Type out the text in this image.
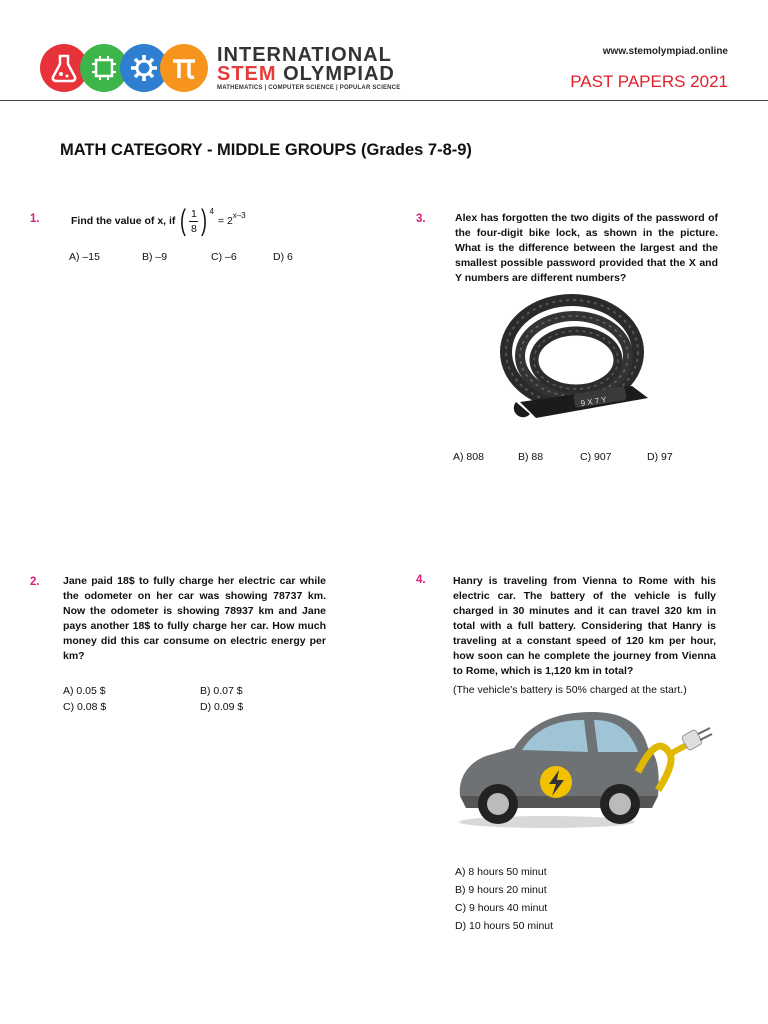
INTERNATIONAL
STEM OLYMPIAD
MATHEMATICS | COMPUTER SCIENCE | POPULAR SCIENCE
www.stemolympiad.online
PAST PAPERS 2021
MATH CATEGORY - MIDDLE GROUPS (Grades 7-8-9)
1.	Find the value of x, if ( $\frac{1}{8}$ ) 4
= 2 x–3
A) –15	B) –9	C) –6	D) 6
2. Jane paid 18$ to fully charge her electric car while the odometer on her car was showing 78737 km. Now the odometer is showing 78937 km and Jane pays another 18$ to fully charge her car. How much money did this car consume on electric energy per km?
A) 0.05 $	B) 0.07 $
C) 0.08 $	D) 0.09 $
3.	Alex has forgotten the two digits of the password of the four-digit bike lock, as shown in the picture. What is the difference between the largest and the smallest possible password provided that the X and Y numbers are different numbers?
9 X 7 Y
A) 808	B) 88	C) 907	D) 97
4.	Hanry is traveling from Vienna to Rome with his electric car. The battery of the vehicle is fully charged in 30 minutes and it can travel 320 km in total with a full battery. Considering that Hanry is traveling at a constant speed of 120 km per hour, how soon can he complete the journey from Vienna to Rome, which is 1,120 km in total?
(The vehicle's battery is 50% charged at the start.)
A) 8 hours 50 minut
B) 9 hours 20 minut
C) 9 hours 40 minut
D) 10 hours 50 minut
